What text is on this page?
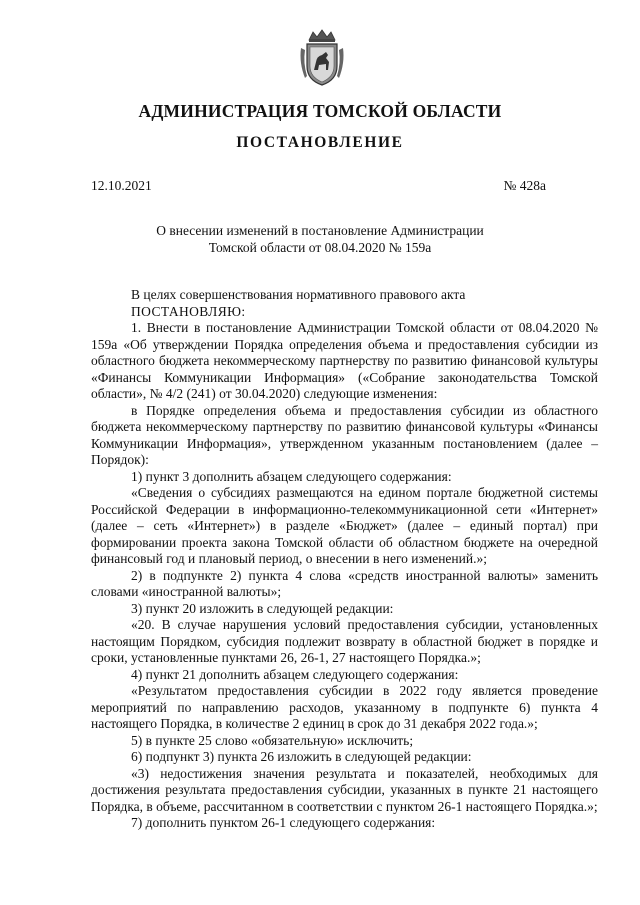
АДМИНИСТРАЦИЯ ТОМСКОЙ ОБЛАСТИ
ПОСТАНОВЛЕНИЕ
12.10.2021	№ 428а
О внесении изменений в постановление Администрации
Томской области от 08.04.2020 № 159а

В целях совершенствования нормативного правового акта

ПОСТАНОВЛЯЮ:

1. Внести в постановление Администрации Томской области от 08.04.2020 № 159а «Об утверждении Порядка определения объема и предоставления субсидии из областного бюджета некоммерческому партнерству по развитию финансовой культуры «Финансы Коммуникации Информация» («Собрание законодательства Томской области», № 4/2 (241) от 30.04.2020) следующие изменения:

в Порядке определения объема и предоставления субсидии из областного бюджета некоммерческому партнерству по развитию финансовой культуры «Финансы Коммуникации Информация», утвержденном указанным постановлением (далее – Порядок):

1) пункт 3 дополнить абзацем следующего содержания:

«Сведения о субсидиях размещаются на едином портале бюджетной системы Российской Федерации в информационно-телекоммуникационной сети «Интернет» (далее – сеть «Интернет») в разделе «Бюджет» (далее – единый портал) при формировании проекта закона Томской области об областном бюджете на очередной финансовый год и плановый период, о внесении в него изменений.»;

2) в подпункте 2) пункта 4 слова «средств иностранной валюты» заменить словами «иностранной валюты»;

3) пункт 20 изложить в следующей редакции:

«20. В случае нарушения условий предоставления субсидии, установленных настоящим Порядком, субсидия подлежит возврату в областной бюджет в порядке и сроки, установленные пунктами 26, 26-1, 27 настоящего Порядка.»;

4) пункт 21 дополнить абзацем следующего содержания:

«Результатом предоставления субсидии в 2022 году является проведение мероприятий по направлению расходов, указанному в подпункте 6) пункта 4 настоящего Порядка, в количестве 2 единиц в срок до 31 декабря 2022 года.»;

5) в пункте 25 слово «обязательную» исключить;

6) подпункт 3) пункта 26 изложить в следующей редакции:

«3) недостижения значения результата и показателей, необходимых для достижения результата предоставления субсидии, указанных в пункте 21 настоящего Порядка, в объеме, рассчитанном в соответствии с пунктом 26-1 настоящего Порядка.»;

7) дополнить пунктом 26-1 следующего содержания:
